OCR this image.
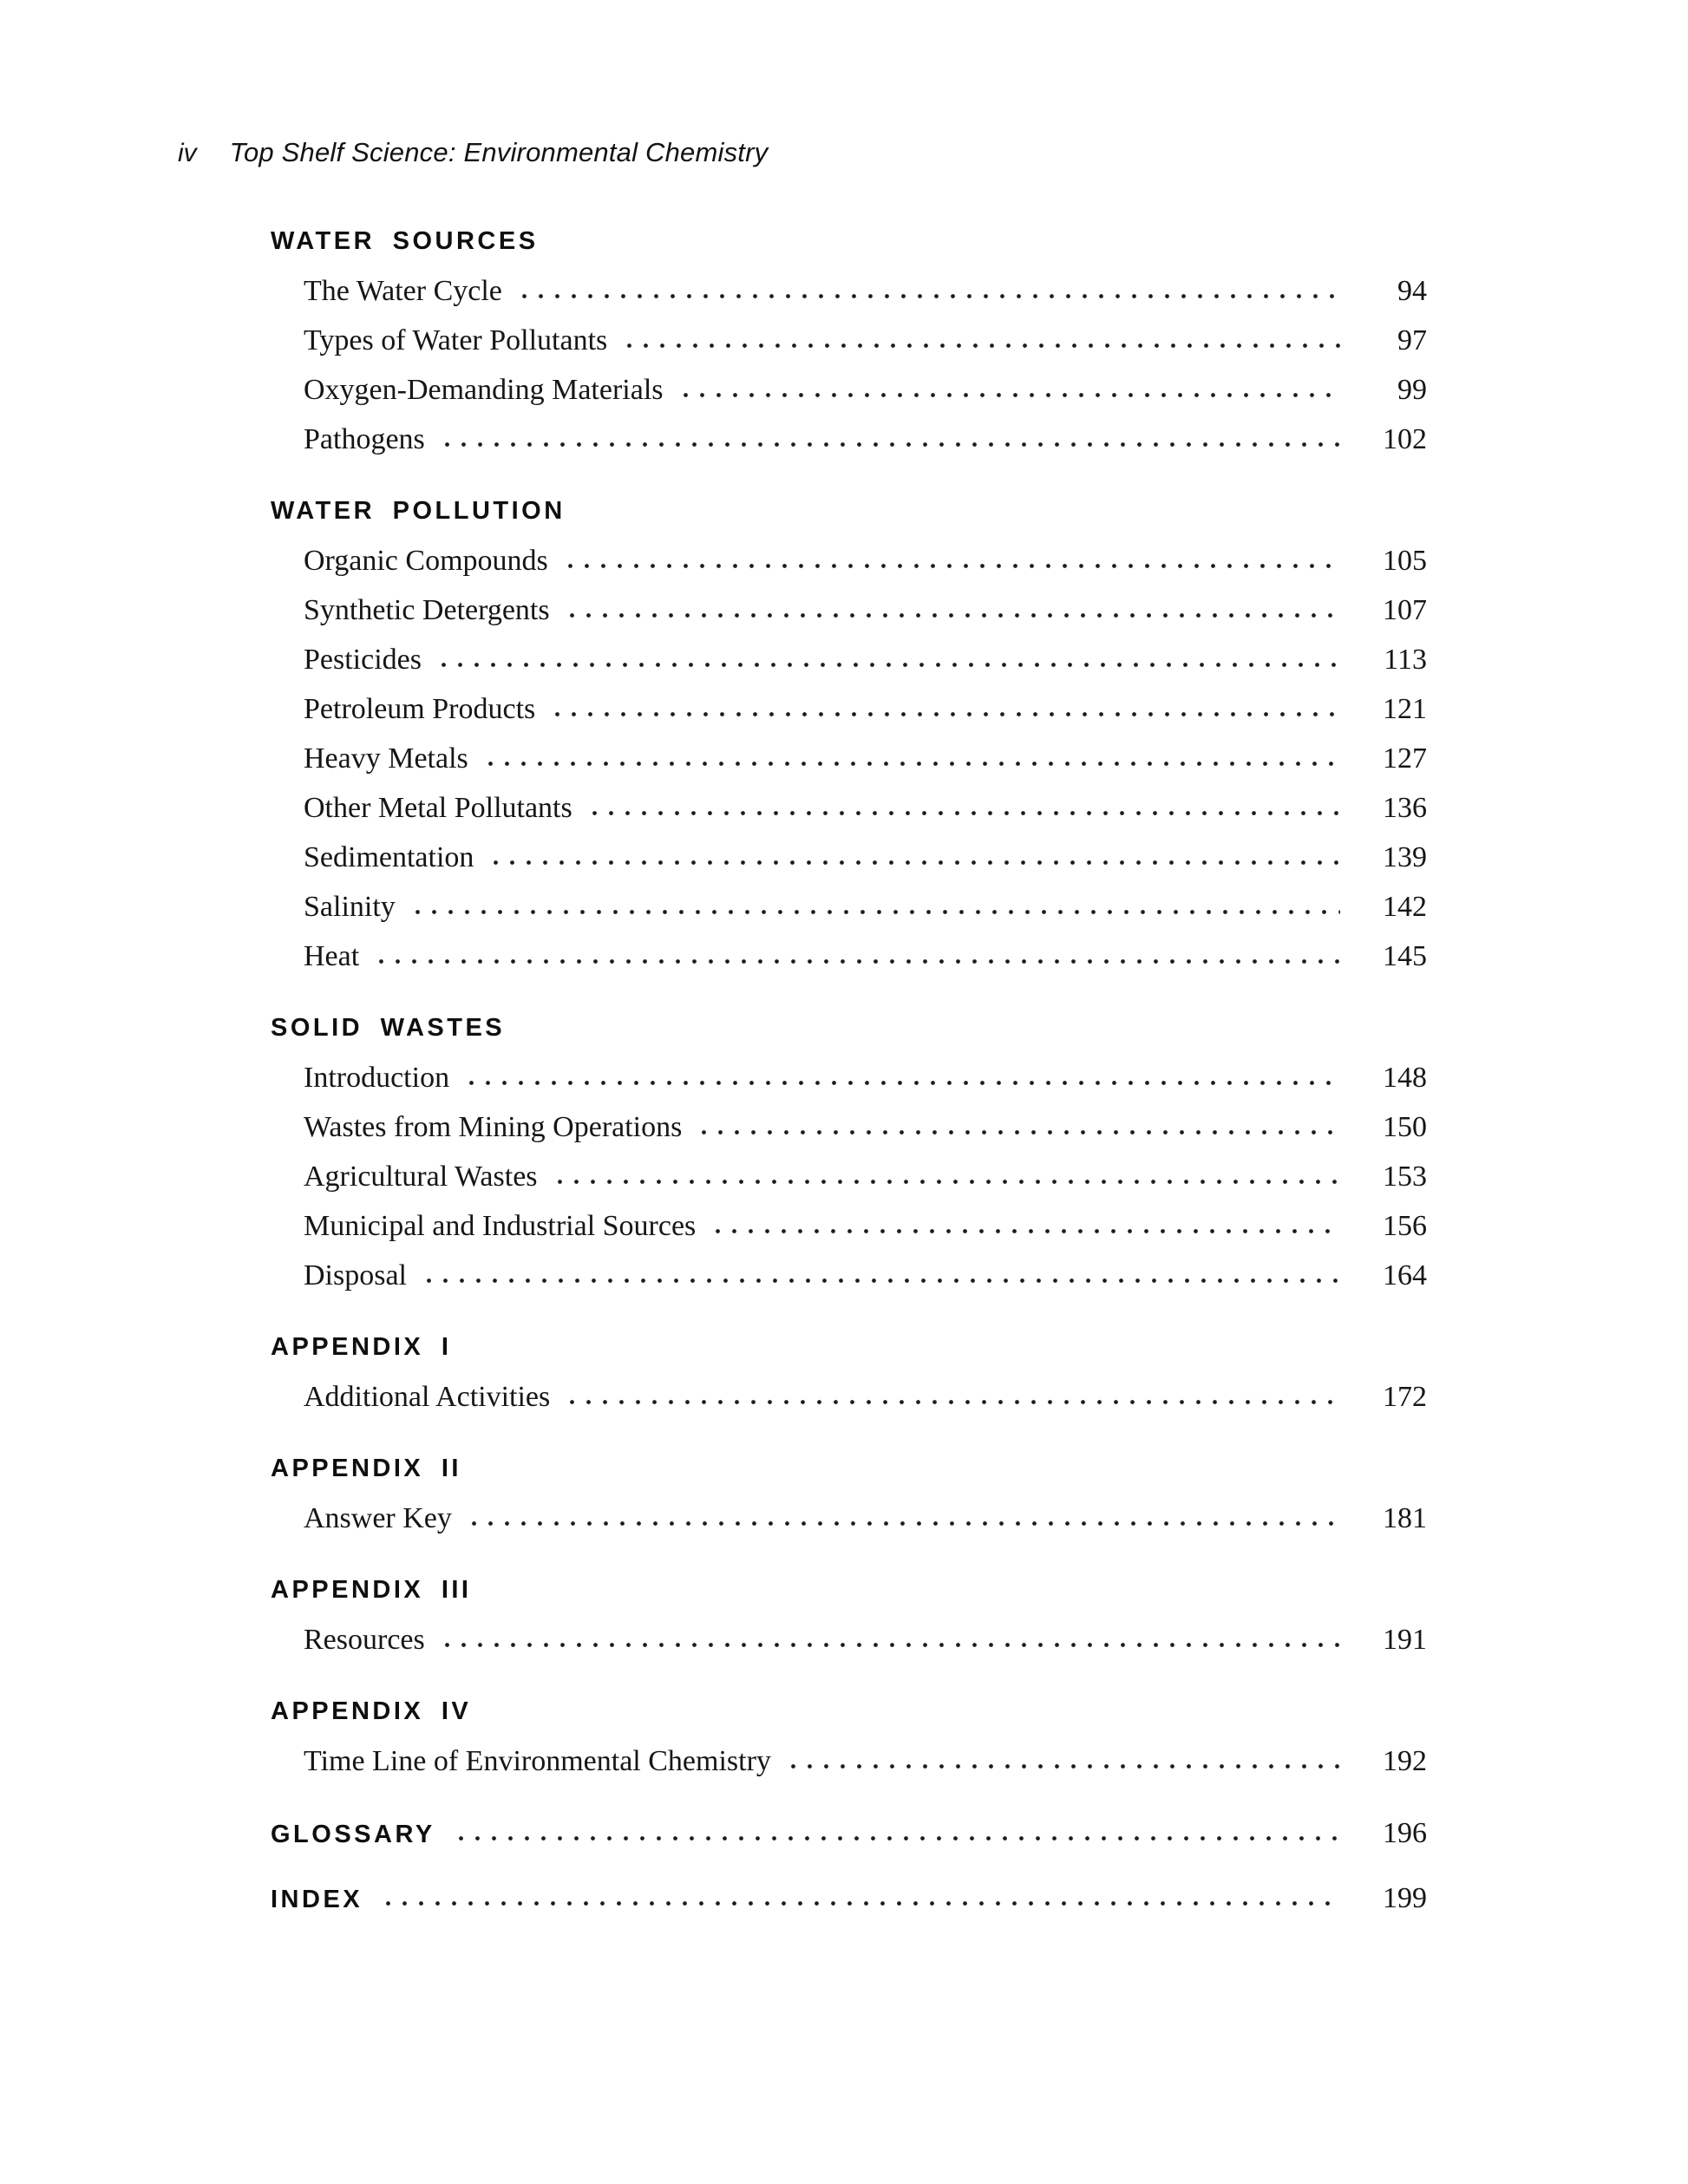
iv Top Shelf Science: Environmental Chemistry
WATER SOURCES
The Water Cycle	94
Types of Water Pollutants	97
Oxygen-Demanding Materials	99
Pathogens	102
WATER POLLUTION
Organic Compounds	105
Synthetic Detergents	107
Pesticides	113
Petroleum Products	121
Heavy Metals	127
Other Metal Pollutants	136
Sedimentation	139
Salinity	142
Heat	145
SOLID WASTES
Introduction	148
Wastes from Mining Operations	150
Agricultural Wastes	153
Municipal and Industrial Sources	156
Disposal	164
APPENDIX I
Additional Activities	172
APPENDIX II
Answer Key	181
APPENDIX III
Resources	191
APPENDIX IV
Time Line of Environmental Chemistry	192
GLOSSARY	196
INDEX	199
